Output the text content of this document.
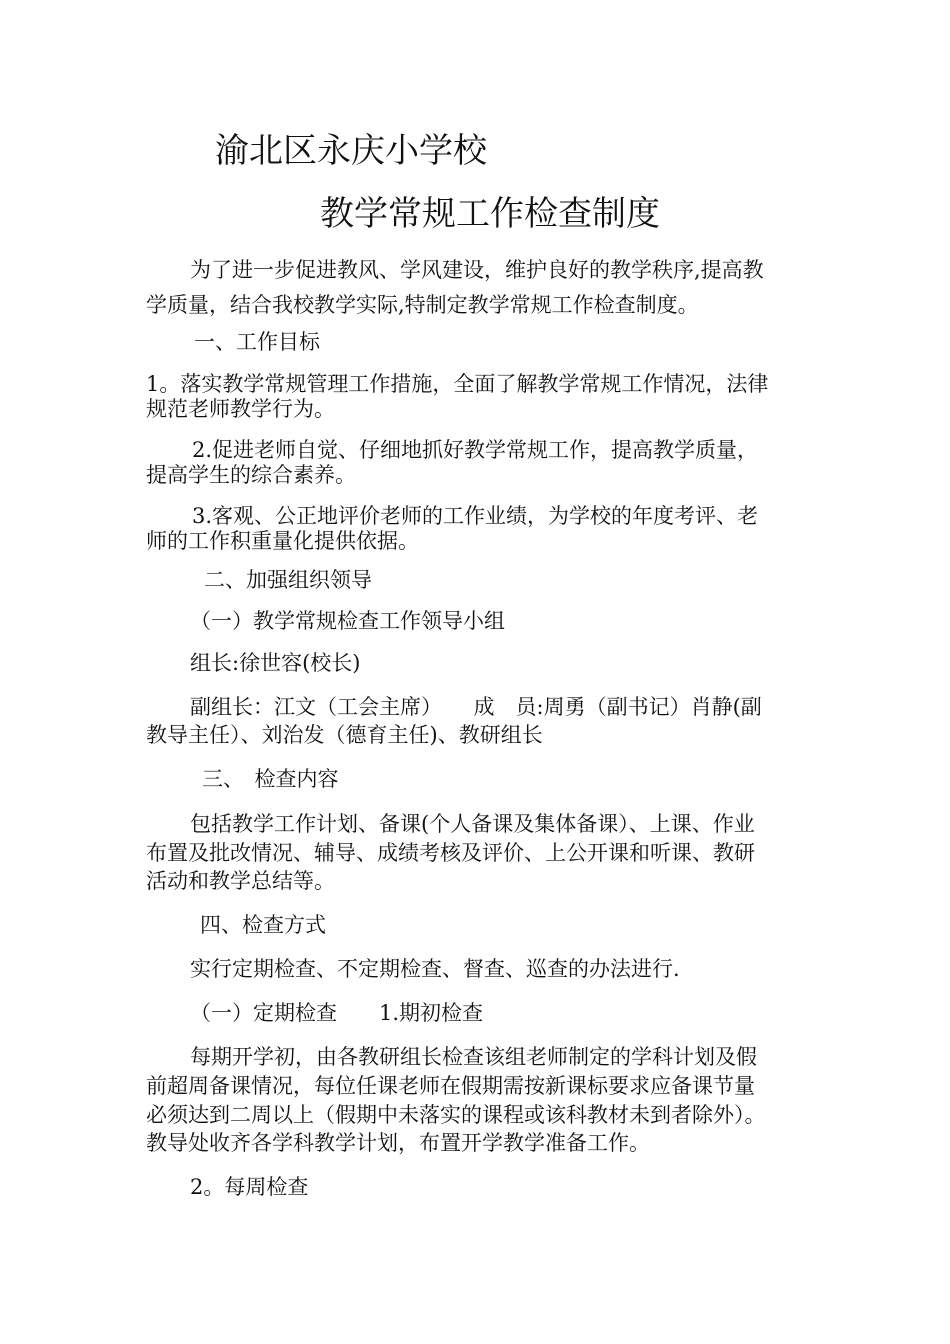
渝北区永庆小学校
教学常规工作检查制度
为了进一步促进教风、学风建设，维护良好的教学秩序,提高教
学质量，结合我校教学实际,特制定教学常规工作检查制度。
一、工作目标
1。落实教学常规管理工作措施，全面了解教学常规工作情况，法律
规范老师教学行为。
2.促进老师自觉、仔细地抓好教学常规工作，提高教学质量，
提高学生的综合素养。
3.客观、公正地评价老师的工作业绩，为学校的年度考评、老
师的工作积重量化提供依据。
二、加强组织领导
（一）教学常规检查工作领导小组
组长:徐世容(校长)
副组长：江文（工会主席）　　成　员:周勇（副书记）肖静(副
教导主任）、刘治发（德育主任)、教研组长
三、　检查内容
包括教学工作计划、备课(个人备课及集体备课）、上课、作业
布置及批改情况、辅导、成绩考核及评价、上公开课和听课、教研
活动和教学总结等。
四、检查方式
实行定期检查、不定期检查、督查、巡查的办法进行.
（一）定期检查　　1.期初检查
每期开学初，由各教研组长检查该组老师制定的学科计划及假
前超周备课情况，每位任课老师在假期需按新课标要求应备课节量
必须达到二周以上（假期中未落实的课程或该科教材未到者除外）。
教导处收齐各学科教学计划，布置开学教学准备工作。
2。每周检查
